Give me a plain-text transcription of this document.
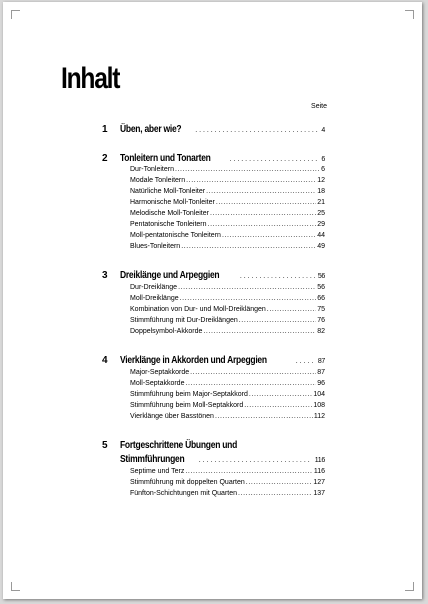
Inhalt
Seite
1 Üben, aber wie? . . .	4
2 Tonleitern und Tonarten . . .	6
Dur-Tonleitern .....	6
Modale Tonleitern .....	12
Natürliche Moll-Tonleiter .....	18
Harmonische Moll-Tonleiter .....	21
Melodische Moll-Tonleiter .....	25
Pentatonische Tonleitern .....	29
Moll-pentatonische Tonleitern .....	44
Blues-Tonleitern .....	49
3 Dreiklänge und Arpeggien . . .	56
Dur-Dreiklänge .....	56
Moll-Dreiklänge .....	66
Kombination von Dur- und Moll-Dreiklängen .....	75
Stimmführung mit Dur-Dreiklängen .....	76
Doppelsymbol-Akkorde .....	82
4 Vierklänge in Akkorden und Arpeggien . . .	87
Major-Septakkorde .....	87
Moll-Septakkorde .....	96
Stimmführung beim Major-Septakkord .....	104
Stimmführung beim Moll-Septakkord .....	108
Vierklänge über Basstönen .....	112
5 Fortgeschrittene Übungen und
Stimmführungen . . .	116
Septime und Terz .....	116
Stimmführung mit doppelten Quarten .....	127
Fünfton-Schichtungen mit Quarten .....	137
